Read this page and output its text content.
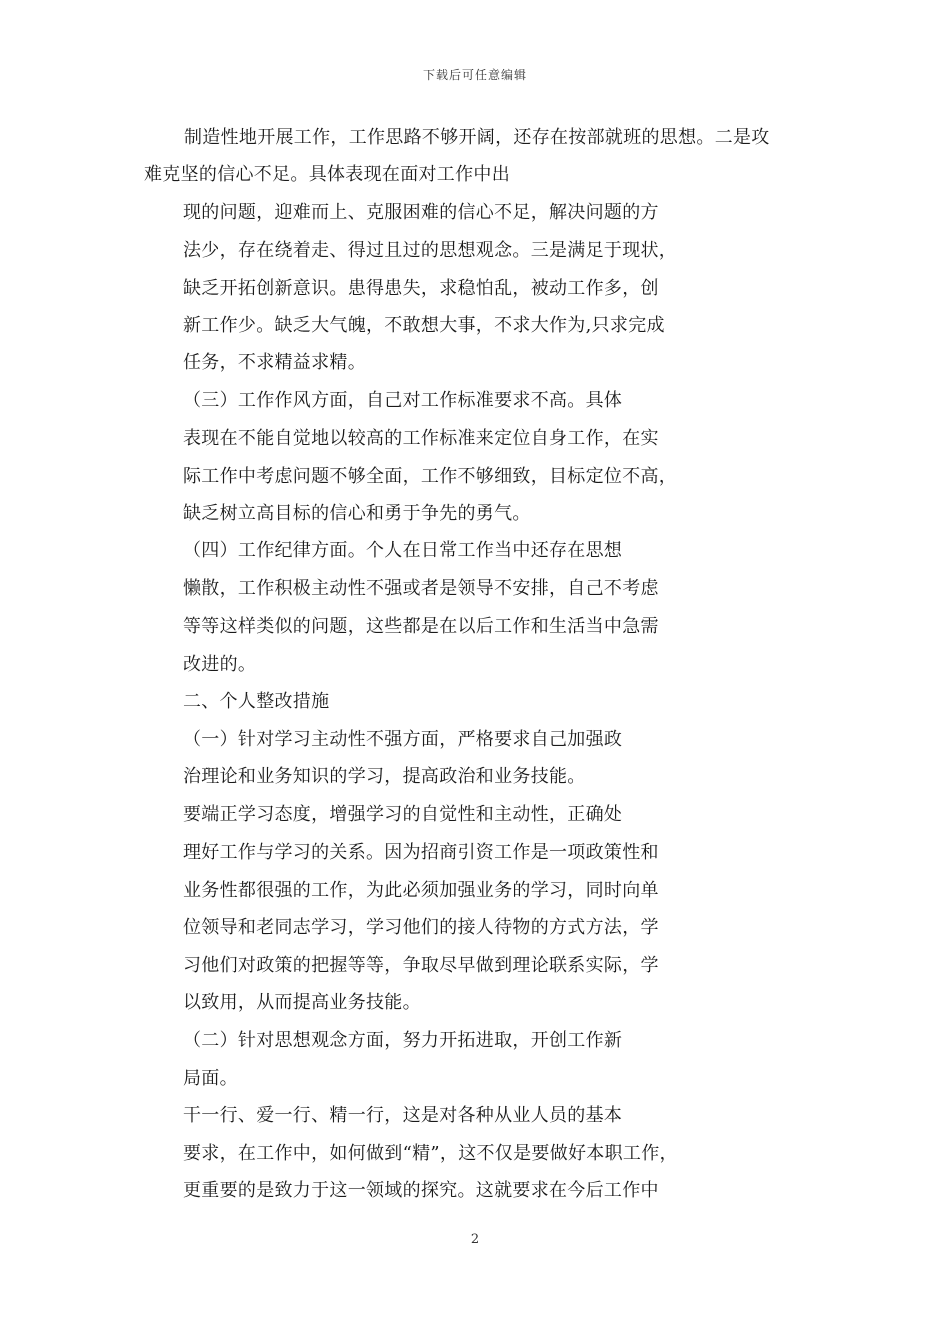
下载后可任意编辑
制造性地开展工作，工作思路不够开阔，还存在按部就班的思想。二是攻
难克坚的信心不足。具体表现在面对工作中出
现的问题，迎难而上、克服困难的信心不足，解决问题的方
法少，存在绕着走、得过且过的思想观念。三是满足于现状，
缺乏开拓创新意识。患得患失，求稳怕乱，被动工作多，创
新工作少。缺乏大气魄，不敢想大事，不求大作为,只求完成
任务，不求精益求精。
（三）工作作风方面，自己对工作标准要求不高。具体
表现在不能自觉地以较高的工作标准来定位自身工作，在实
际工作中考虑问题不够全面，工作不够细致，目标定位不高，
缺乏树立高目标的信心和勇于争先的勇气。
（四）工作纪律方面。个人在日常工作当中还存在思想
懒散，工作积极主动性不强或者是领导不安排，自己不考虑
等等这样类似的问题，这些都是在以后工作和生活当中急需
改进的。
二、个人整改措施
（一）针对学习主动性不强方面，严格要求自己加强政
治理论和业务知识的学习，提高政治和业务技能。
要端正学习态度，增强学习的自觉性和主动性，正确处
理好工作与学习的关系。因为招商引资工作是一项政策性和
业务性都很强的工作，为此必须加强业务的学习，同时向单
位领导和老同志学习，学习他们的接人待物的方式方法，学
习他们对政策的把握等等，争取尽早做到理论联系实际，学
以致用，从而提高业务技能。
（二）针对思想观念方面，努力开拓进取，开创工作新
局面。
干一行、爱一行、精一行，这是对各种从业人员的基本
要求，在工作中，如何做到“精”，这不仅是要做好本职工作，
更重要的是致力于这一领域的探究。这就要求在今后工作中
2
